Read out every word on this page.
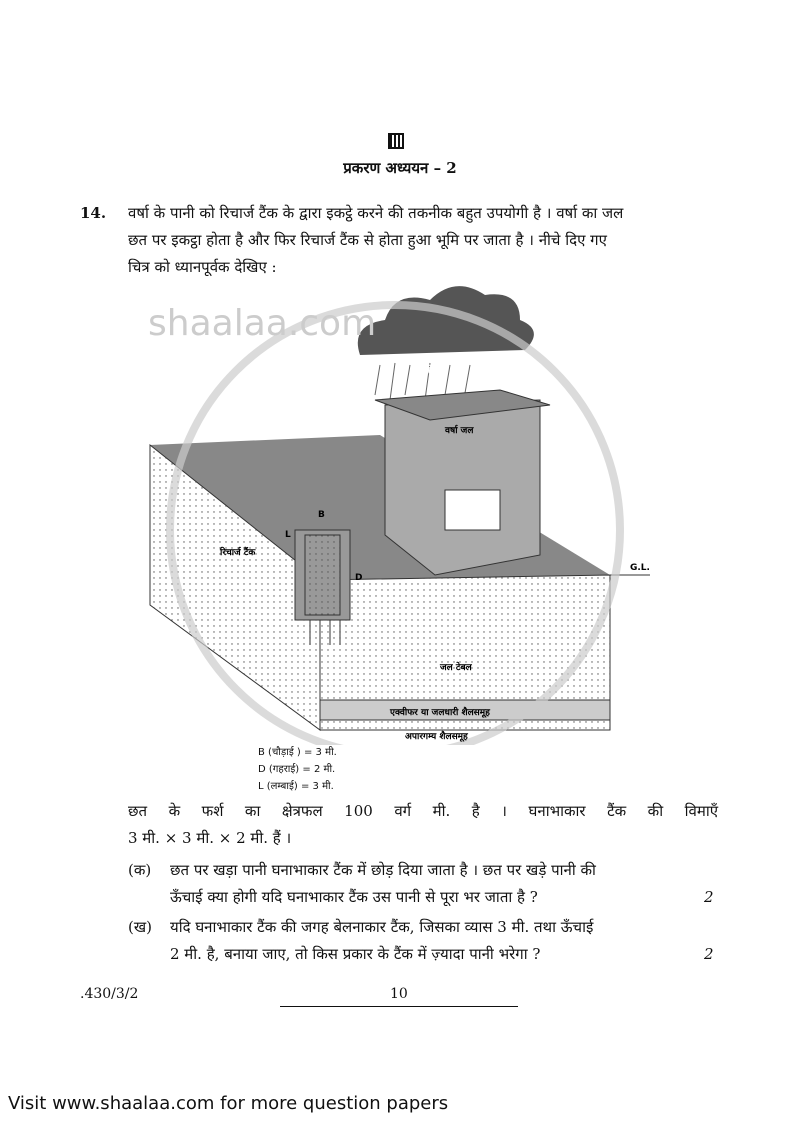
प्रकरण अध्ययन – 2
14. वर्षा के पानी को रिचार्ज टैंक के द्वारा इकट्ठे करने की तकनीक बहुत उपयोगी है । वर्षा का जल
छत पर इकट्ठा होता है और फिर रिचार्ज टैंक से होता हुआ भूमि पर जाता है । नीचे दिए गए
चित्र को ध्यानपूर्वक देखिए :
shaalaa.com
वर्षण
वर्षा जल
रिचार्ज टैंक
B
L
D
G.L.
जल टेबल
एक्वीफर या जलधारी शैलसमूह
अपारगम्य शैलसमूह
B (चौड़ाई ) = 3 मी.
D (गहराई) = 2 मी.
L (लम्बाई) = 3 मी.
छत के फर्श का क्षेत्रफल 100 वर्ग मी. है । घनाभाकार टैंक की विमाएँ
3 मी. × 3 मी. × 2 मी. हैं ।
(क) छत पर खड़ा पानी घनाभाकार टैंक में छोड़ दिया जाता है । छत पर खड़े पानी की
ऊँचाई क्या होगी यदि घनाभाकार टैंक उस पानी से पूरा भर जाता है ?	2
(ख) यदि घनाभाकार टैंक की जगह बेलनाकार टैंक, जिसका व्यास 3 मी. तथा ऊँचाई
2 मी. है, बनाया जाए, तो किस प्रकार के टैंक में ज़्यादा पानी भरेगा ?	2
.430/3/2	10
Visit www.shaalaa.com for more question papers
